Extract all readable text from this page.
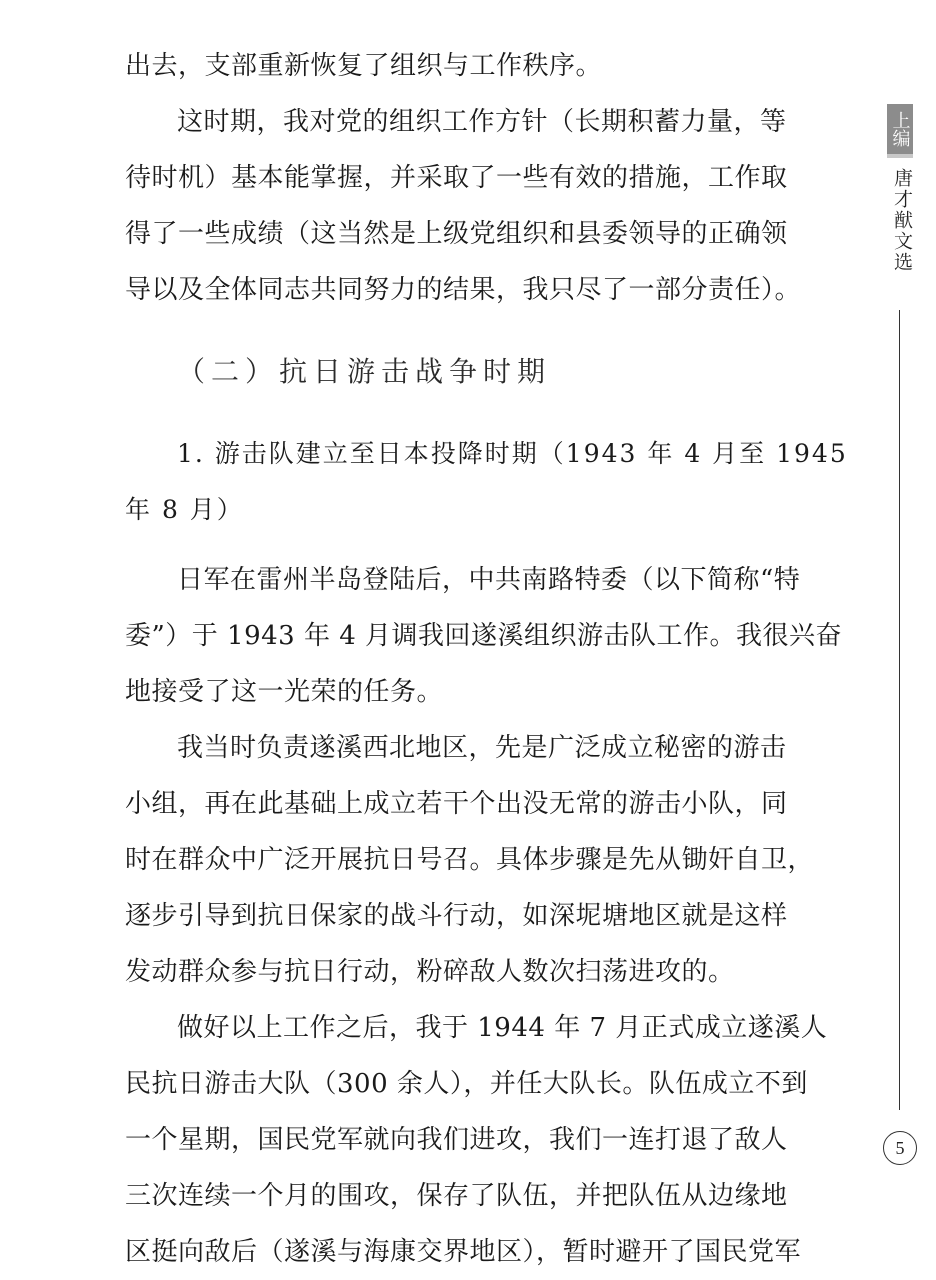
出去，支部重新恢复了组织与工作秩序。
这时期，我对党的组织工作方针（长期积蓄力量，等
待时机）基本能掌握，并采取了一些有效的措施，工作取
得了一些成绩（这当然是上级党组织和县委领导的正确领
导以及全体同志共同努力的结果，我只尽了一部分责任）。
（二）抗日游击战争时期
1. 游击队建立至日本投降时期（1943 年 4 月至 1945
年 8 月）
日军在雷州半岛登陆后，中共南路特委（以下简称“特
委”）于 1943 年 4 月调我回遂溪组织游击队工作。我很兴奋
地接受了这一光荣的任务。
我当时负责遂溪西北地区，先是广泛成立秘密的游击
小组，再在此基础上成立若干个出没无常的游击小队，同
时在群众中广泛开展抗日号召。具体步骤是先从锄奸自卫，
逐步引导到抗日保家的战斗行动，如深坭塘地区就是这样
发动群众参与抗日行动，粉碎敌人数次扫荡进攻的。
做好以上工作之后，我于 1944 年 7 月正式成立遂溪人
民抗日游击大队（300 余人），并任大队长。队伍成立不到
一个星期，国民党军就向我们进攻，我们一连打退了敌人
三次连续一个月的围攻，保存了队伍，并把队伍从边缘地
区挺向敌后（遂溪与海康交界地区），暂时避开了国民党军
上编
唐才猷文选
5
